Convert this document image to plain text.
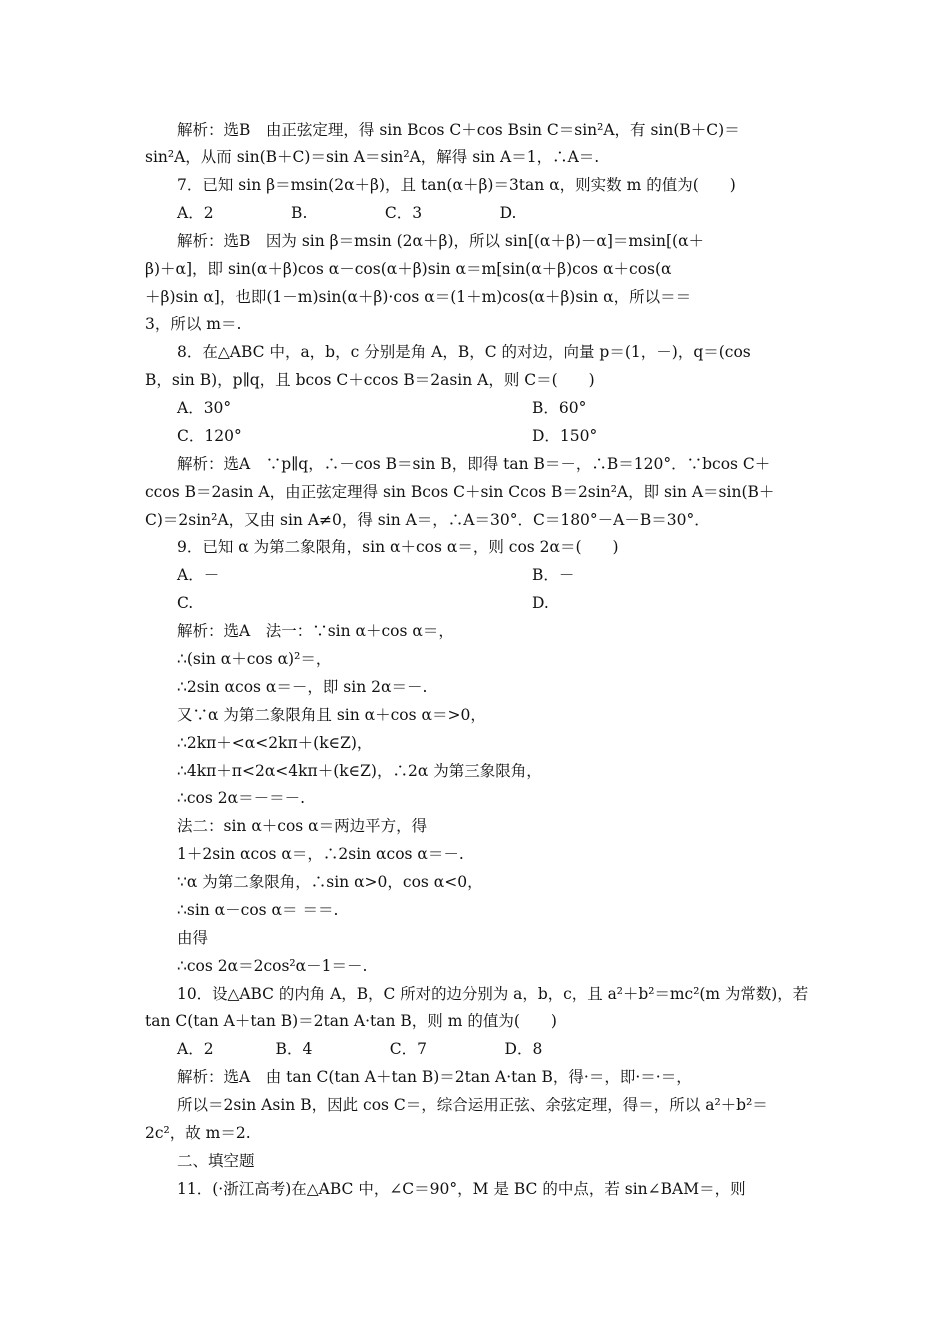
解析：选B　由正弦定理，得 sin Bcos C＋cos Bsin C＝sin²A，有 sin(B＋C)＝
sin²A，从而 sin(B＋C)＝sin A＝sin²A，解得 sin A＝1，∴A＝.
7．已知 sin β＝msin(2α＋β)，且 tan(α＋β)＝3tan α，则实数 m 的值为(　　)
A．2　　　　　B.　　　　　C．3　　　　　D.
解析：选B　因为 sin β＝msin (2α＋β)，所以 sin[(α＋β)－α]＝msin[(α＋
β)＋α]，即 sin(α＋β)cos α－cos(α＋β)sin α＝m[sin(α＋β)cos α＋cos(α
＋β)sin α]，也即(1－m)sin(α＋β)·cos α＝(1＋m)cos(α＋β)sin α，所以＝＝
3，所以 m＝.
8．在△ABC 中，a，b，c 分别是角 A，B，C 的对边，向量 p＝(1，－)，q＝(cos
B，sin B)，p∥q，且 bcos C＋ccos B＝2asin A，则 C＝(　　)
A．30°	B．60°
C．120°	D．150°
解析：选A　∵p∥q，∴－cos B＝sin B，即得 tan B＝－，∴B＝120°．∵bcos C＋
ccos B＝2asin A，由正弦定理得 sin Bcos C＋sin Ccos B＝2sin²A，即 sin A＝sin(B＋
C)＝2sin²A，又由 sin A≠0，得 sin A＝，∴A＝30°．C＝180°－A－B＝30°．
9．已知 α 为第二象限角，sin α＋cos α＝，则 cos 2α＝(　　)
A．－	B．－
C.	D.
解析：选A　法一：∵sin α＋cos α＝，
∴(sin α＋cos α)²＝，
∴2sin αcos α＝－，即 sin 2α＝－.
又∵α 为第二象限角且 sin α＋cos α＝>0，
∴2kπ＋<α<2kπ＋(k∈Z)，
∴4kπ＋π<2α<4kπ＋(k∈Z)，∴2α 为第三象限角，
∴cos 2α＝－＝－.
法二：sin α＋cos α＝两边平方，得
1＋2sin αcos α＝，∴2sin αcos α＝－.
∵α 为第二象限角，∴sin α>0，cos α<0，
∴sin α－cos α＝ ＝＝.
由得
∴cos 2α＝2cos²α－1＝－.
10．设△ABC 的内角 A，B，C 所对的边分别为 a，b，c，且 a²＋b²＝mc²(m 为常数)，若
tan C(tan A＋tan B)＝2tan A·tan B，则 m 的值为(　　)
A．2　　　　B．4　　　　　C．7　　　　　D．8
解析：选A　由 tan C(tan A＋tan B)＝2tan A·tan B，得·＝，即·＝·＝，
所以＝2sin Asin B，因此 cos C＝，综合运用正弦、余弦定理，得＝，所以 a²＋b²＝
2c²，故 m＝2.
二、填空题
11．(·浙江高考)在△ABC 中，∠C＝90°，M 是 BC 的中点，若 sin∠BAM＝，则
